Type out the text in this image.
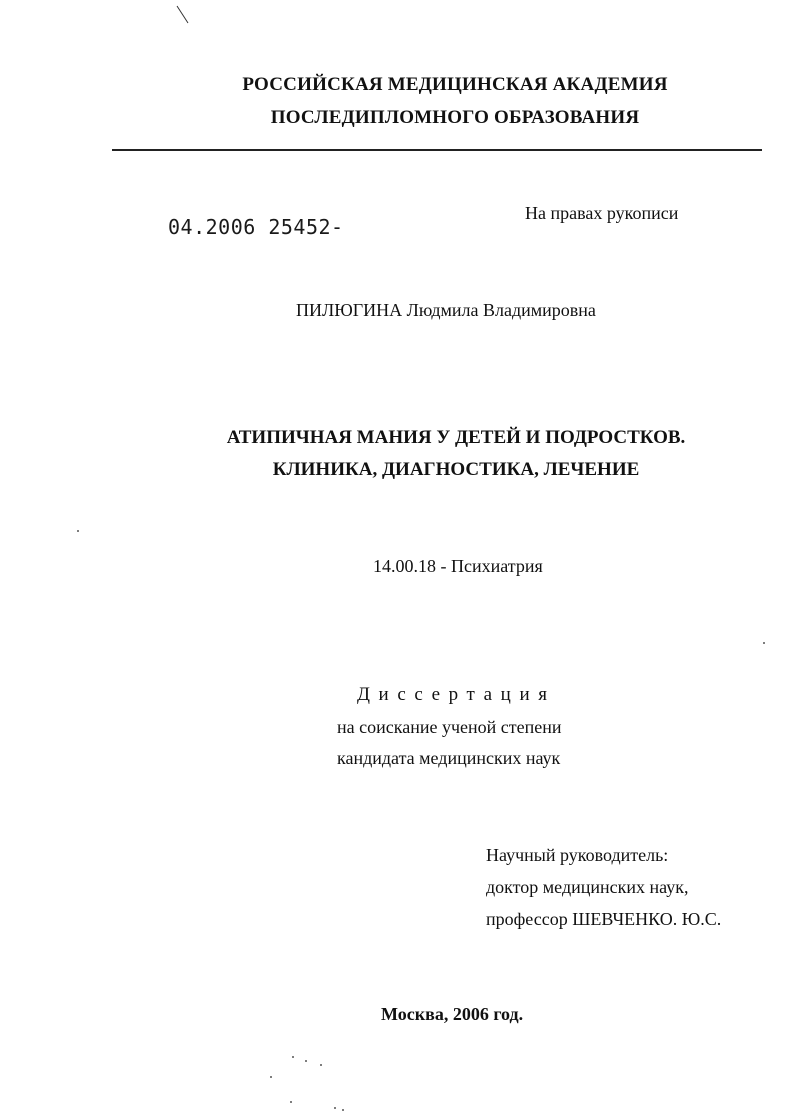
РОССИЙСКАЯ МЕДИЦИНСКАЯ АКАДЕМИЯ
ПОСЛЕДИПЛОМНОГО ОБРАЗОВАНИЯ
04.2006 25452-
На правах рукописи
ПИЛЮГИНА Людмила Владимировна
АТИПИЧНАЯ МАНИЯ У ДЕТЕЙ И ПОДРОСТКОВ.
КЛИНИКА, ДИАГНОСТИКА, ЛЕЧЕНИЕ
14.00.18 - Психиатрия
Диссертация
на соискание ученой степени
кандидата медицинских наук
Научный руководитель:
доктор медицинских наук,
профессор ШЕВЧЕНКО. Ю.С.
Москва, 2006 год.
